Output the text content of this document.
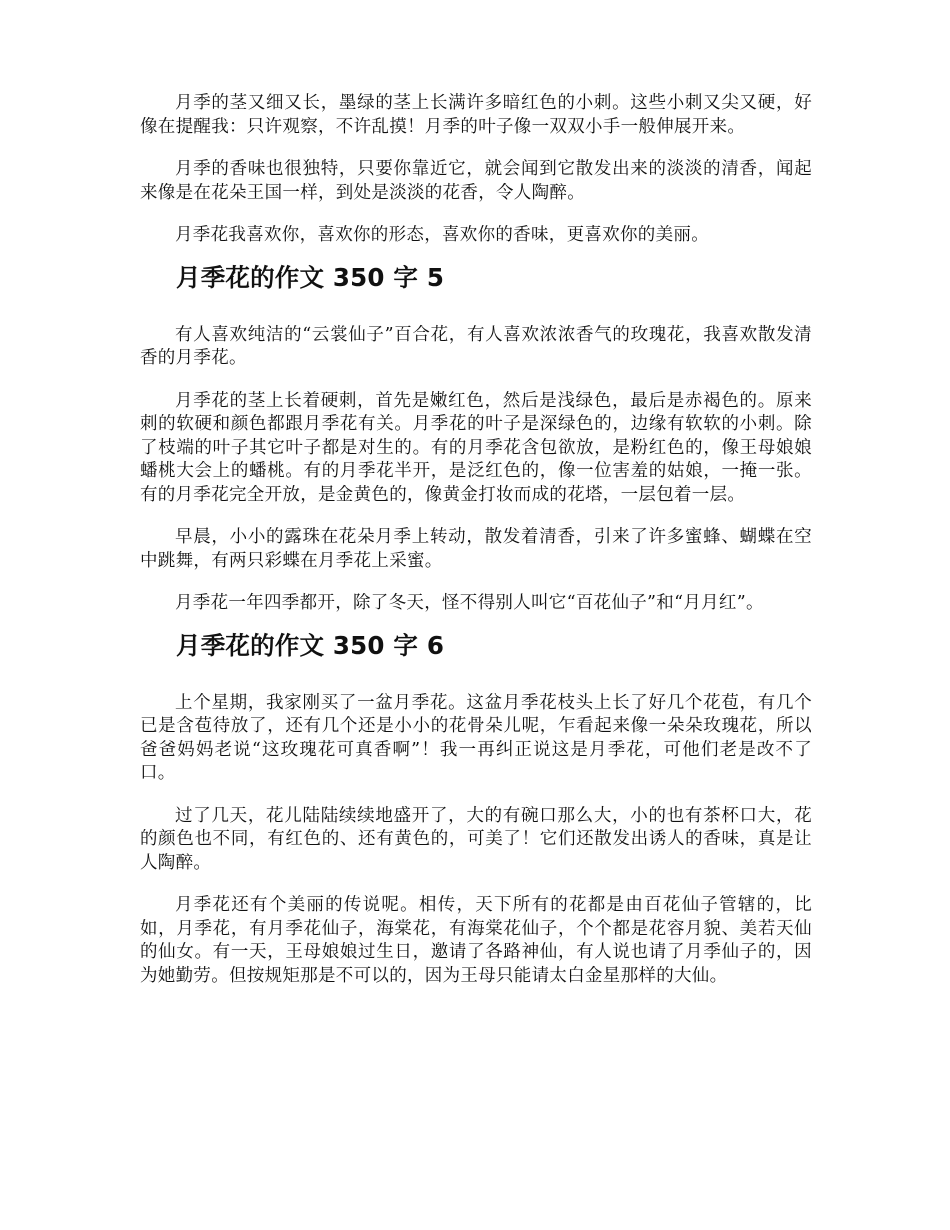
月季的茎又细又长，墨绿的茎上长满许多暗红色的小刺。这些小刺又尖又硬，好像在提醒我：只许观察，不许乱摸！月季的叶子像一双双小手一般伸展开来。

月季的香味也很独特，只要你靠近它，就会闻到它散发出来的淡淡的清香，闻起来像是在花朵王国一样，到处是淡淡的花香，令人陶醉。

月季花我喜欢你，喜欢你的形态，喜欢你的香味，更喜欢你的美丽。

月季花的作文 350 字 5

有人喜欢纯洁的“云裳仙子”百合花，有人喜欢浓浓香气的玫瑰花，我喜欢散发清香的月季花。

月季花的茎上长着硬刺，首先是嫩红色，然后是浅绿色，最后是赤褐色的。原来刺的软硬和颜色都跟月季花有关。月季花的叶子是深绿色的，边缘有软软的小刺。除了枝端的叶子其它叶子都是对生的。有的月季花含包欲放，是粉红色的，像王母娘娘蟠桃大会上的蟠桃。有的月季花半开，是泛红色的，像一位害羞的姑娘，一掩一张。有的月季花完全开放，是金黄色的，像黄金打妆而成的花塔，一层包着一层。

早晨，小小的露珠在花朵月季上转动，散发着清香，引来了许多蜜蜂、蝴蝶在空中跳舞，有两只彩蝶在月季花上采蜜。

月季花一年四季都开，除了冬天，怪不得别人叫它“百花仙子”和“月月红”。

月季花的作文 350 字 6

上个星期，我家刚买了一盆月季花。这盆月季花枝头上长了好几个花苞，有几个已是含苞待放了，还有几个还是小小的花骨朵儿呢，乍看起来像一朵朵玫瑰花，所以爸爸妈妈老说“这玫瑰花可真香啊”！我一再纠正说这是月季花，可他们老是改不了口。

过了几天，花儿陆陆续续地盛开了，大的有碗口那么大，小的也有茶杯口大，花的颜色也不同，有红色的、还有黄色的，可美了！它们还散发出诱人的香味，真是让人陶醉。

月季花还有个美丽的传说呢。相传，天下所有的花都是由百花仙子管辖的，比如，月季花，有月季花仙子，海棠花，有海棠花仙子，个个都是花容月貌、美若天仙的仙女。有一天，王母娘娘过生日，邀请了各路神仙，有人说也请了月季仙子的，因为她勤劳。但按规矩那是不可以的，因为王母只能请太白金星那样的大仙。
